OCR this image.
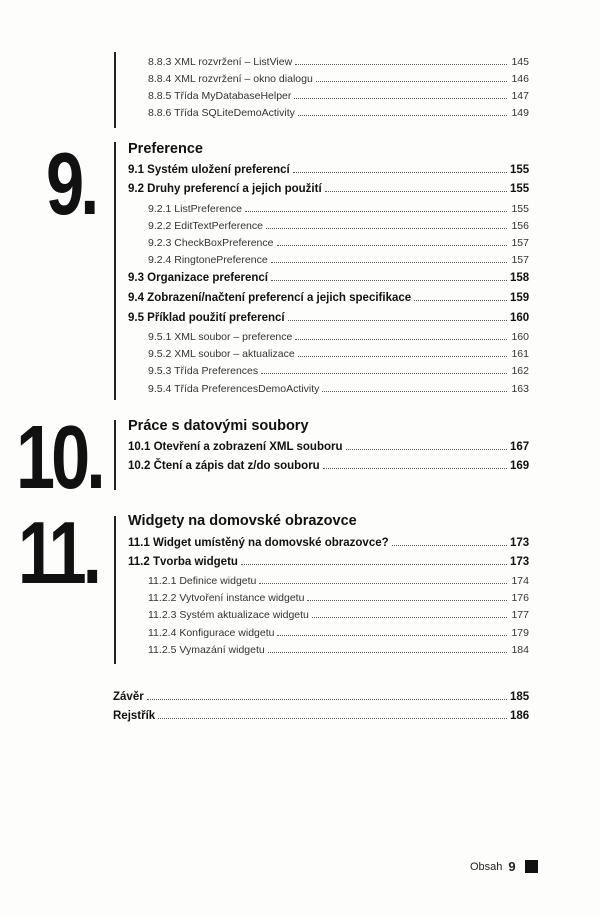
8.8.3 XML rozvržení – ListView	145
8.8.4 XML rozvržení – okno dialogu	146
8.8.5 Třída MyDatabaseHelper	147
8.8.6 Třída SQLiteDemoActivity	149
9. Preference
9.1 Systém uložení preferencí	155
9.2 Druhy preferencí a jejich použití	155
9.2.1 ListPreference	155
9.2.2 EditTextPerference	156
9.2.3 CheckBoxPreference	157
9.2.4 RingtonePreference	157
9.3 Organizace preferencí	158
9.4 Zobrazení/načtení preferencí a jejich specifikace	159
9.5 Příklad použití preferencí	160
9.5.1 XML soubor – preference	160
9.5.2 XML soubor – aktualizace	161
9.5.3 Třída Preferences	162
9.5.4 Třída PreferencesDemoActivity	163
10. Práce s datovými soubory
10.1 Otevření a zobrazení XML souboru	167
10.2 Čtení a zápis dat z/do souboru	169
11. Widgety na domovské obrazovce
11.1 Widget umístěný na domovské obrazovce?	173
11.2 Tvorba widgetu	173
11.2.1 Definice widgetu	174
11.2.2 Vytvoření instance widgetu	176
11.2.3 Systém aktualizace widgetu	177
11.2.4 Konfigurace widgetu	179
11.2.5 Vymazání widgetu	184
Závěr	185
Rejstřík	186
Obsah 9
